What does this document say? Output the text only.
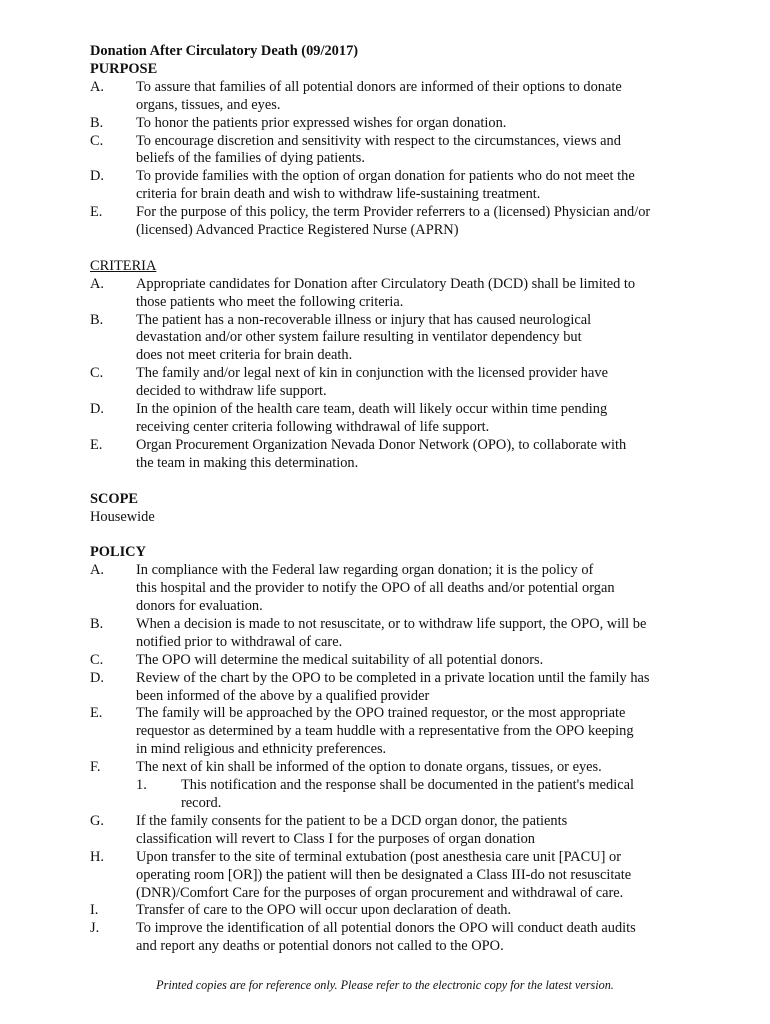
Donation After Circulatory Death (09/2017)
PURPOSE
A.	To assure that families of all potential donors are informed of their options to donate
organs, tissues, and eyes.
B.	To honor the patients prior expressed wishes for organ donation.
C.	To encourage discretion and sensitivity with respect to the circumstances, views and
beliefs of the families of dying patients.
D.	To provide families with the option of organ donation for patients who do not meet the
criteria for brain death and wish to withdraw life-sustaining treatment.
E.	For the purpose of this policy, the term Provider referrers to a (licensed) Physician and/or
(licensed) Advanced Practice Registered Nurse (APRN)
CRITERIA
A.	Appropriate candidates for Donation after Circulatory Death (DCD) shall be limited to
those patients who meet the following criteria.
B.	The patient has a non-recoverable illness or injury that has caused neurological
devastation and/or other system failure resulting in ventilator dependency but
does not meet criteria for brain death.
C.	The family and/or legal next of kin in conjunction with the licensed provider have
decided to withdraw life support.
D.	In the opinion of the health care team, death will likely occur within time pending
receiving center criteria following withdrawal of life support.
E.	Organ Procurement Organization Nevada Donor Network (OPO), to collaborate with
the team in making this determination.
SCOPE
Housewide
POLICY
A.	In compliance with the Federal law regarding organ donation; it is the policy of
this hospital and the provider to notify the OPO of all deaths and/or potential organ
donors for evaluation.
B.	When a decision is made to not resuscitate, or to withdraw life support, the OPO, will be
notified prior to withdrawal of care.
C.	The OPO will determine the medical suitability of all potential donors.
D.	Review of the chart by the OPO to be completed in a private location until the family has
been informed of the above by a qualified provider
E.	The family will be approached by the OPO trained requestor, or the most appropriate
requestor as determined by a team huddle with a representative from the OPO keeping
in mind religious and ethnicity preferences.
F.	The next of kin shall be informed of the option to donate organs, tissues, or eyes.
1.	This notification and the response shall be documented in the patient's medical
record.
G.	If the family consents for the patient to be a DCD organ donor, the patients
classification will revert to Class I for the purposes of organ donation
H.	Upon transfer to the site of terminal extubation (post anesthesia care unit [PACU] or
operating room [OR]) the patient will then be designated a Class III-do not resuscitate
(DNR)/Comfort Care for the purposes of organ procurement and withdrawal of care.
I.	Transfer of care to the OPO will occur upon declaration of death.
J.	To improve the identification of all potential donors the OPO will conduct death audits
and report any deaths or potential donors not called to the OPO.
Printed copies are for reference only. Please refer to the electronic copy for the latest version.
